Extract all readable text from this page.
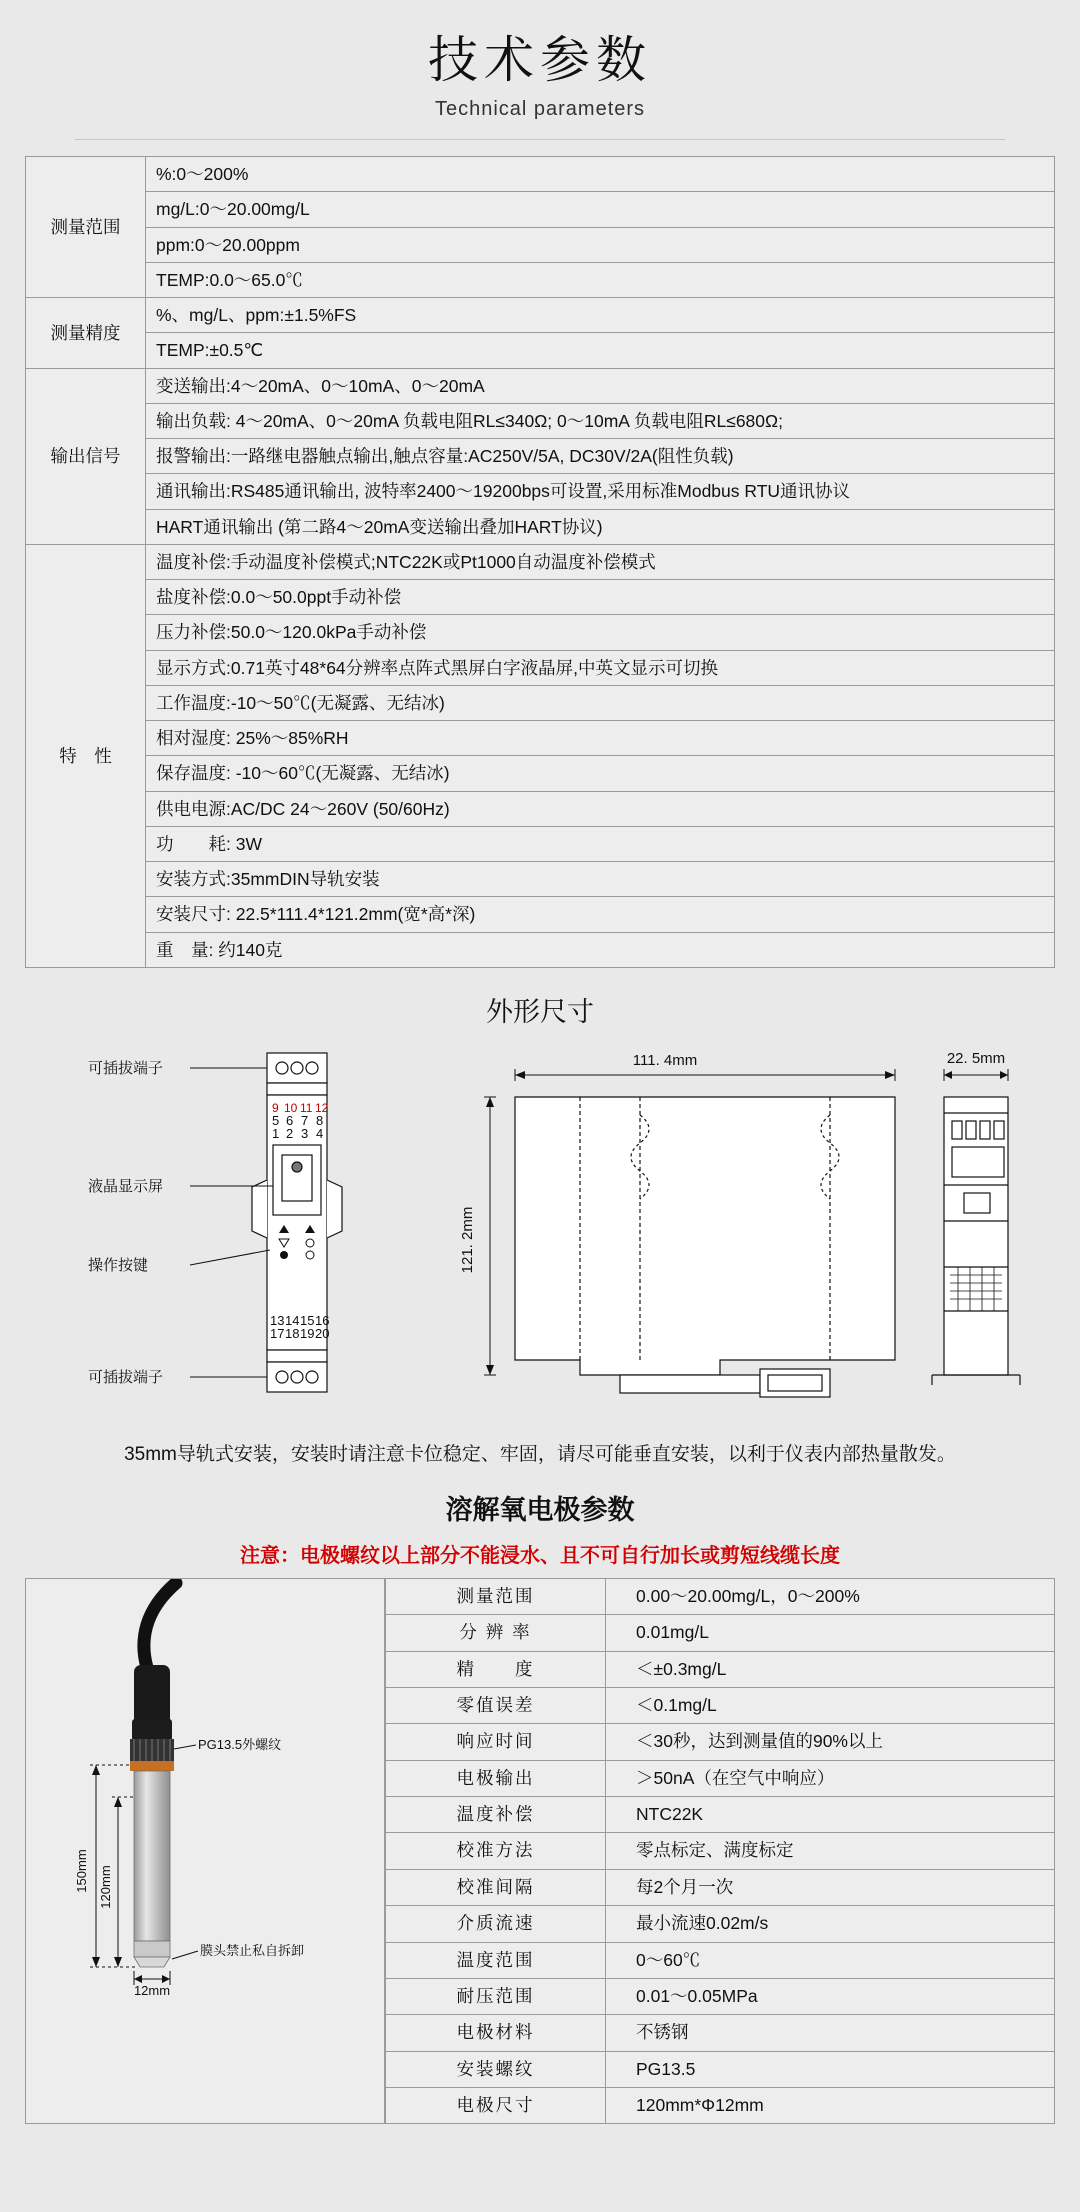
技术参数
Technical parameters
测量范围	%:0～200%
	mg/L:0～20.00mg/L
	ppm:0～20.00ppm
	TEMP:0.0～65.0℃
测量精度	%、mg/L、ppm:±1.5%FS
	TEMP:±0.5℃
输出信号	变送输出:4～20mA、0～10mA、0～20mA
	输出负载: 4～20mA、0～20mA 负载电阻RL≤340Ω; 0～10mA 负载电阻RL≤680Ω;
	报警输出:一路继电器触点输出,触点容量:AC250V/5A, DC30V/2A(阻性负载)
	通讯输出:RS485通讯输出, 波特率2400～19200bps可设置,采用标准Modbus RTU通讯协议
	HART通讯输出 (第二路4～20mA变送输出叠加HART协议)
特　性	温度补偿:手动温度补偿模式;NTC22K或Pt1000自动温度补偿模式
	盐度补偿:0.0～50.0ppt手动补偿
	压力补偿:50.0～120.0kPa手动补偿
	显示方式:0.71英寸48*64分辨率点阵式黑屏白字液晶屏,中英文显示可切换
	工作温度:-10～50℃(无凝露、无结冰)
	相对湿度: 25%～85%RH
	保存温度: -10～60℃(无凝露、无结冰)
	供电电源:AC/DC 24～260V (50/60Hz)
	功　　耗: 3W
	安装方式:35mmDIN导轨安装
	安装尺寸: 22.5*111.4*121.2mm(宽*高*深)
	重　量: 约140克
外形尺寸
9 10 11 12
5 6 7 8
1 2 3 4
13 14 15 16
17 18 19 20
可插拔端子
液晶显示屏
操作按键
可插拔端子
111. 4mm
121. 2mm
22. 5mm
35mm导轨式安装，安装时请注意卡位稳定、牢固，请尽可能垂直安装，以利于仪表内部热量散发。
溶解氧电极参数
注意：电极螺纹以上部分不能浸水、且不可自行加长或剪短线缆长度
PG13.5外螺纹
膜头禁止私自拆卸
150mm 120mm
12mm
测量范围	0.00～20.00mg/L，0～200%
分 辨 率	0.01mg/L
精　　度	＜±0.3mg/L
零值误差	＜0.1mg/L
响应时间	＜30秒，达到测量值的90%以上
电极输出	＞50nA（在空气中响应）
温度补偿	NTC22K
校准方法	零点标定、满度标定
校准间隔	每2个月一次
介质流速	最小流速0.02m/s
温度范围	0～60℃
耐压范围	0.01～0.05MPa
电极材料	不锈钢
安装螺纹	PG13.5
电极尺寸	120mm*Φ12mm
